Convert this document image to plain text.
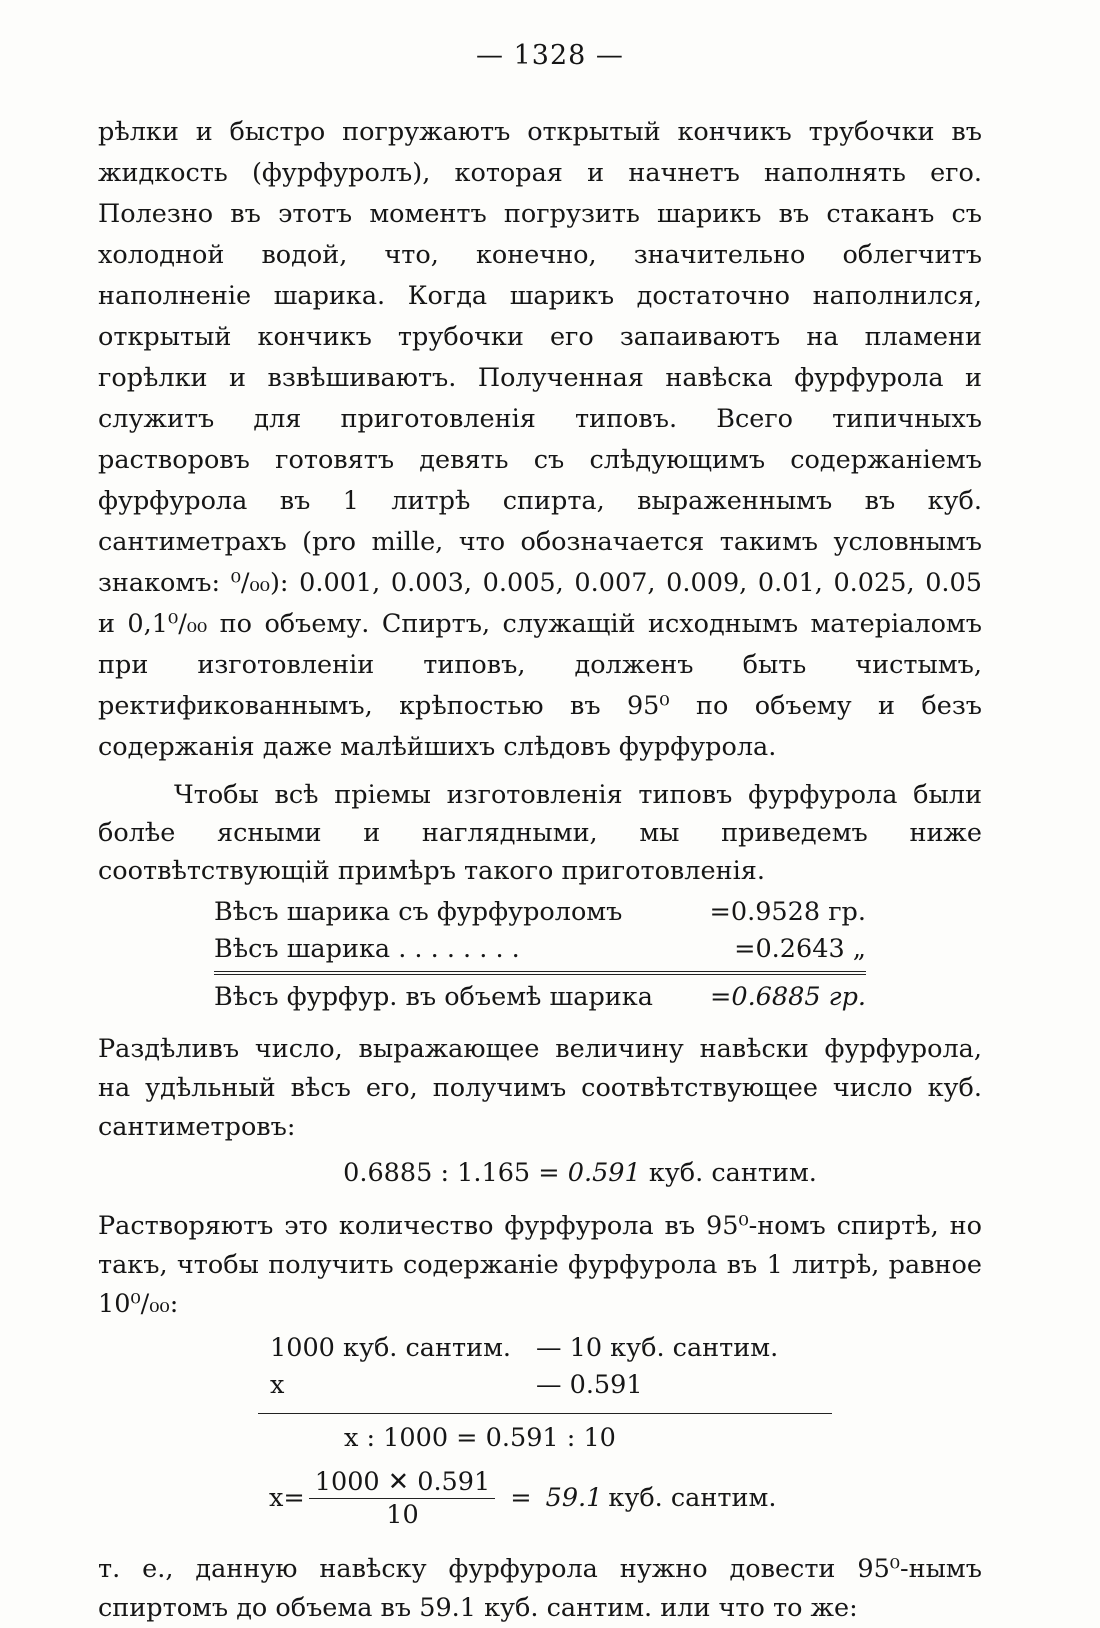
— 1328 —

рѣлки и быстро погружаютъ открытый кончикъ трубочки въ жидкость (фурфуролъ), которая и начнетъ наполнять его. Полезно въ этотъ моментъ погрузить шарикъ въ стаканъ съ холодной водой, что, конечно, значительно облегчитъ наполненіе шарика. Когда шарикъ достаточно наполнился, открытый кончикъ трубочки его запаиваютъ на пламени горѣлки и взвѣшиваютъ. Полученная навѣска фурфурола и служитъ для приготовленія типовъ. Всего типичныхъ растворовъ готовятъ девять съ слѣдующимъ содержаніемъ фурфурола въ 1 литрѣ спирта, выраженнымъ въ куб. сантиметрахъ (pro mille, что обозначается такимъ условнымъ знакомъ: ⁰/₀₀): 0.001, 0.003, 0.005, 0.007, 0.009, 0.01, 0.025, 0.05 и 0,1⁰/₀₀ по объему. Спиртъ, служащій исходнымъ матеріаломъ при изготовленіи типовъ, долженъ быть чистымъ, ректификованнымъ, крѣпостью въ 95⁰ по объему и безъ содержанія даже малѣйшихъ слѣдовъ фурфурола.

Чтобы всѣ пріемы изготовленія типовъ фурфурола были болѣе ясными и наглядными, мы приведемъ ниже соотвѣтствующій примѣръ такого приготовленія.

Вѣсъ шарика съ фурфуроломъ	=0.9528 гр.
Вѣсъ шарика . . . . . . . .	=0.2643 „
Вѣсъ фурфур. въ объемѣ шарика =0.6885 гр.

Раздѣливъ число, выражающее величину навѣски фурфурола, на удѣльный вѣсъ его, получимъ соотвѣтствующее число куб. сантиметровъ:

0.6885 : 1.165 = 0.591 куб. сантим.

Растворяютъ это количество фурфурола въ 95⁰-номъ спиртѣ, но такъ, чтобы получить содержаніе фурфурола въ 1 литрѣ, равное 10⁰/₀₀:

1000 куб. сантим. — 10 куб. сантим.
x	— 0.591
x : 1000 = 0.591 : 10
$x= \frac{1000 ✕ 0.591}{10} = 59.1$ куб. сантим.

т. е., данную навѣску фурфурола нужно довести 95⁰-нымъ спиртомъ до объема въ 59.1 куб. сантим. или что то же:
